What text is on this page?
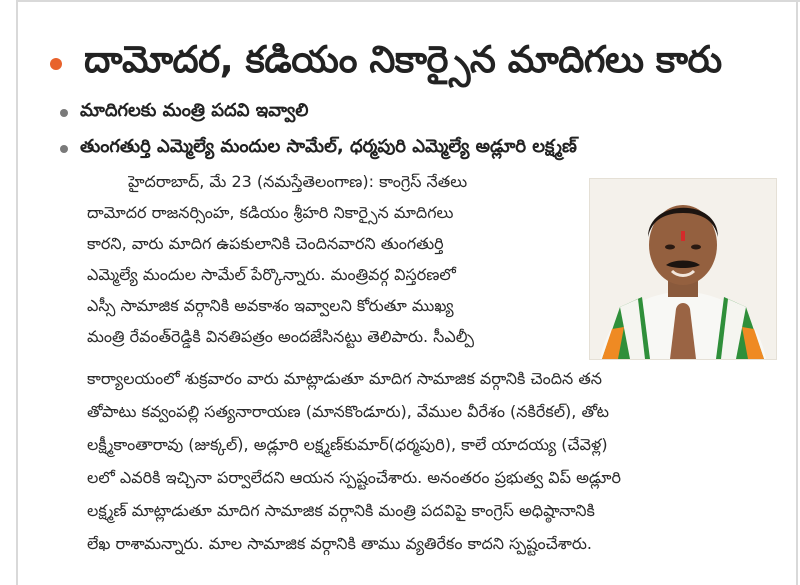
దామోదర, కడియం నికార్సైన మాదిగలు కారు
మాదిగలకు మంత్రి పదవి ఇవ్వాలి
తుంగతుర్తి ఎమ్మెల్యే మందుల సామేల్‌, ధర్మపురి ఎమ్మెల్యే అడ్లూరి లక్ష్మణ్‌
హైదరాబాద్‌, మే 23 (నమస్తేతెలంగాణ): కాంగ్రెస్‌ నేతలు
దామోదర రాజనర్సింహ, కడియం శ్రీహరి నికార్సైన మాదిగలు
కారని, వారు మాదిగ ఉపకులానికి చెందినవారని తుంగతుర్తి
ఎమ్మెల్యే మందుల సామేల్‌ పేర్కొన్నారు. మంత్రివర్గ విస్తరణలో
ఎస్సీ సామాజిక వర్గానికి అవకాశం ఇవ్వాలని కోరుతూ ముఖ్య
మంత్రి రేవంత్‌రెడ్డికి వినతిపత్రం అందజేసినట్టు తెలిపారు. సీఎల్పీ
కార్యాలయంలో శుక్రవారం వారు మాట్లాడుతూ మాదిగ సామాజిక వర్గానికి చెందిన తన
తోపాటు కవ్వంపల్లి సత్యనారాయణ (మానకొండూరు), వేముల వీరేశం (నకిరేకల్‌), తోట
లక్ష్మీకాంతారావు (జుక్కల్‌), అడ్లూరి లక్ష్మణ్‌కుమార్‌(ధర్మపురి), కాలే యాదయ్య (చేవెళ్ల)
లలో ఎవరికి ఇచ్చినా పర్వాలేదని ఆయన స్పష్టంచేశారు. అనంతరం ప్రభుత్వ విప్‌ అడ్లూరి
లక్ష్మణ్‌ మాట్లాడుతూ మాదిగ సామాజిక వర్గానికి మంత్రి పదవిపై కాంగ్రెస్‌ అధిష్ఠానానికి
లేఖ రాశామన్నారు. మాల సామాజిక వర్గానికి తాము వ్యతిరేకం కాదని స్పష్టంచేశారు.
